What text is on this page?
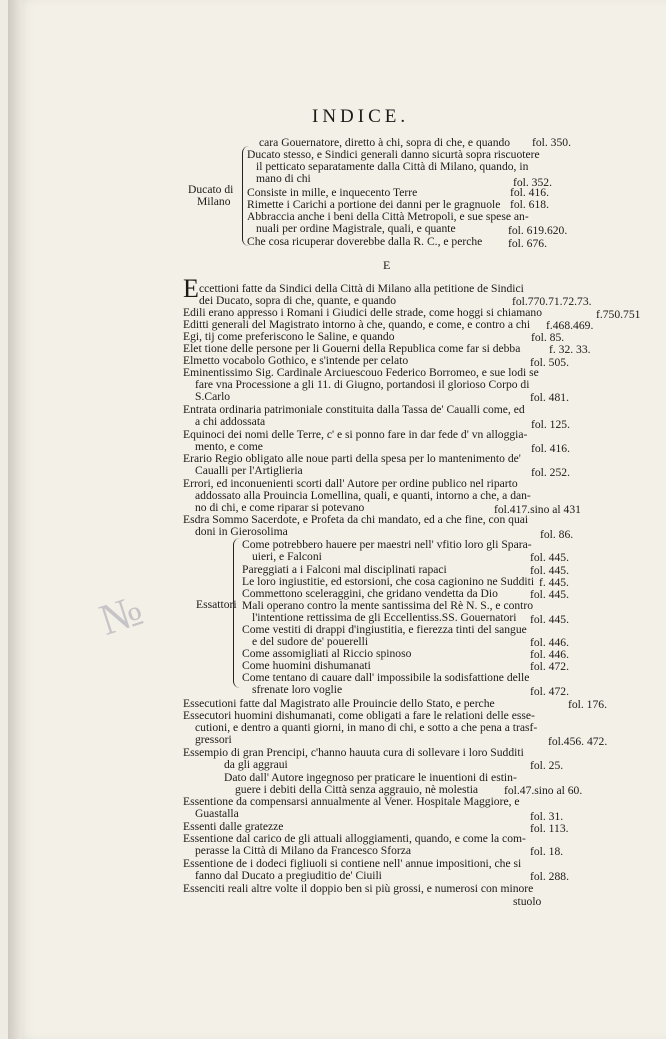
INDICE.
cara Gouernatore, diretto à chi, sopra di che, e quando fol. 350.
Ducato stesso, e Sindici generali danno sicurtà sopra riscuotere
il petticato separatamente dalla Città di Milano, quando, in
mano di chi	fol. 352.
Consiste in mille, e inquecento Terre	fol. 416.
Rimette i Carichi a portione dei danni per le gragnuole fol. 618.
Abbraccia anche i beni della Città Metropoli, e sue spese an-
nuali per ordine Magistrale, quali, e quante	fol. 619.620.
Che cosa ricuperar doverebbe dalla R. C., e perche fol. 676.
Ducato di
Milano
E
E ccettioni fatte da Sindici della Città di Milano alla petitione de Sindici
dei Ducato, sopra di che, quante, e quando	fol.770.71.72.73.
Edili erano appresso i Romani i Giudici delle strade, come hoggi si chiamano	f.750.751
Editti generali del Magistrato intorno à che, quando, e come, e contro a chi f.468.469.
Egi, tij come preferiscono le Saline, e quando	fol. 85.
Elet tione delle persone per li Gouerni della Republica come far si debba f. 32. 33.
Elmetto vocabolo Gothico, e s'intende per celato	fol. 505.
Eminentissimo Sig. Cardinale Arciuescouo Federico Borromeo, e sue lodi se
fare vna Processione a gli 11. di Giugno, portandosi il glorioso Corpo di
S.Carlo	fol. 481.
Entrata ordinaria patrimoniale constituita dalla Tassa de' Caualli come, ed
a chi addossata	fol. 125.
Equinoci dei nomi delle Terre, c' e si ponno fare in dar fede d' vn alloggia-
mento, e come	fol. 416.
Erario Regio obligato alle noue parti della spesa per lo mantenimento de'
Caualli per l'Artiglieria	fol. 252.
Errori, ed inconuenienti scorti dall' Autore per ordine publico nel riparto
addossato alla Prouincia Lomellina, quali, e quanti, intorno a che, a dan-
no di chi, e come riparar si potevano	fol.417.sino al 431
Esdra Sommo Sacerdote, e Profeta da chi mandato, ed a che fine, con quai
doni in Gierosolima	fol. 86.
Essattori
Come potrebbero hauere per maestri nell' vfitio loro gli Spara-
uieri, e Falconi	fol. 445.
Pareggiati a i Falconi mal disciplinati rapaci	fol. 445.
Le loro ingiustitie, ed estorsioni, che cosa cagionino ne Sudditi f. 445.
Commettono sceleraggini, che gridano vendetta da Dio	fol. 445.
Mali operano contro la mente santissima del Rè N. S., e contro
l'intentione rettissima de gli Eccellentiss.SS. Gouernatori fol. 445.
Come vestiti di drappi d'ingiustitia, e fierezza tinti del sangue
e del sudore de' pouerelli	fol. 446.
Come assomigliati al Riccio spinoso	fol. 446.
Come huomini dishumanati	fol. 472.
Come tentano di cauare dall' impossibile la sodisfattione delle
sfrenate loro voglie	fol. 472.
Essecutioni fatte dal Magistrato alle Prouincie dello Stato, e perche	fol. 176.
Essecutori huomini dishumanati, come obligati a fare le relationi delle esse-
cutioni, e dentro a quanti giorni, in mano di chi, e sotto a che pena a trasf-
gressori	fol.456. 472.
Essempio di gran Prencipi, c'hanno hauuta cura di sollevare i loro Sudditi
da gli aggraui	fol. 25.
Dato dall' Autore ingegnoso per praticare le inuentioni di estin-
guere i debiti della Città senza aggrauio, nè molestia fol.47.sino al 60.
Essentione da compensarsi annualmente al Vener. Hospitale Maggiore, e
Guastalla	fol. 31.
Essenti dalle gratezze	fol. 113.
Essentione dal carico de gli attuali alloggiamenti, quando, e come la com-
perasse la Città di Milano da Francesco Sforza	fol. 18.
Essentione de i dodeci figliuoli si contiene nell' annue impositioni, che si
fanno dal Ducato a pregiuditio de' Ciuili	fol. 288.
Essenciti reali altre volte il doppio ben si più grossi, e numerosi con minore
stuolo
№
